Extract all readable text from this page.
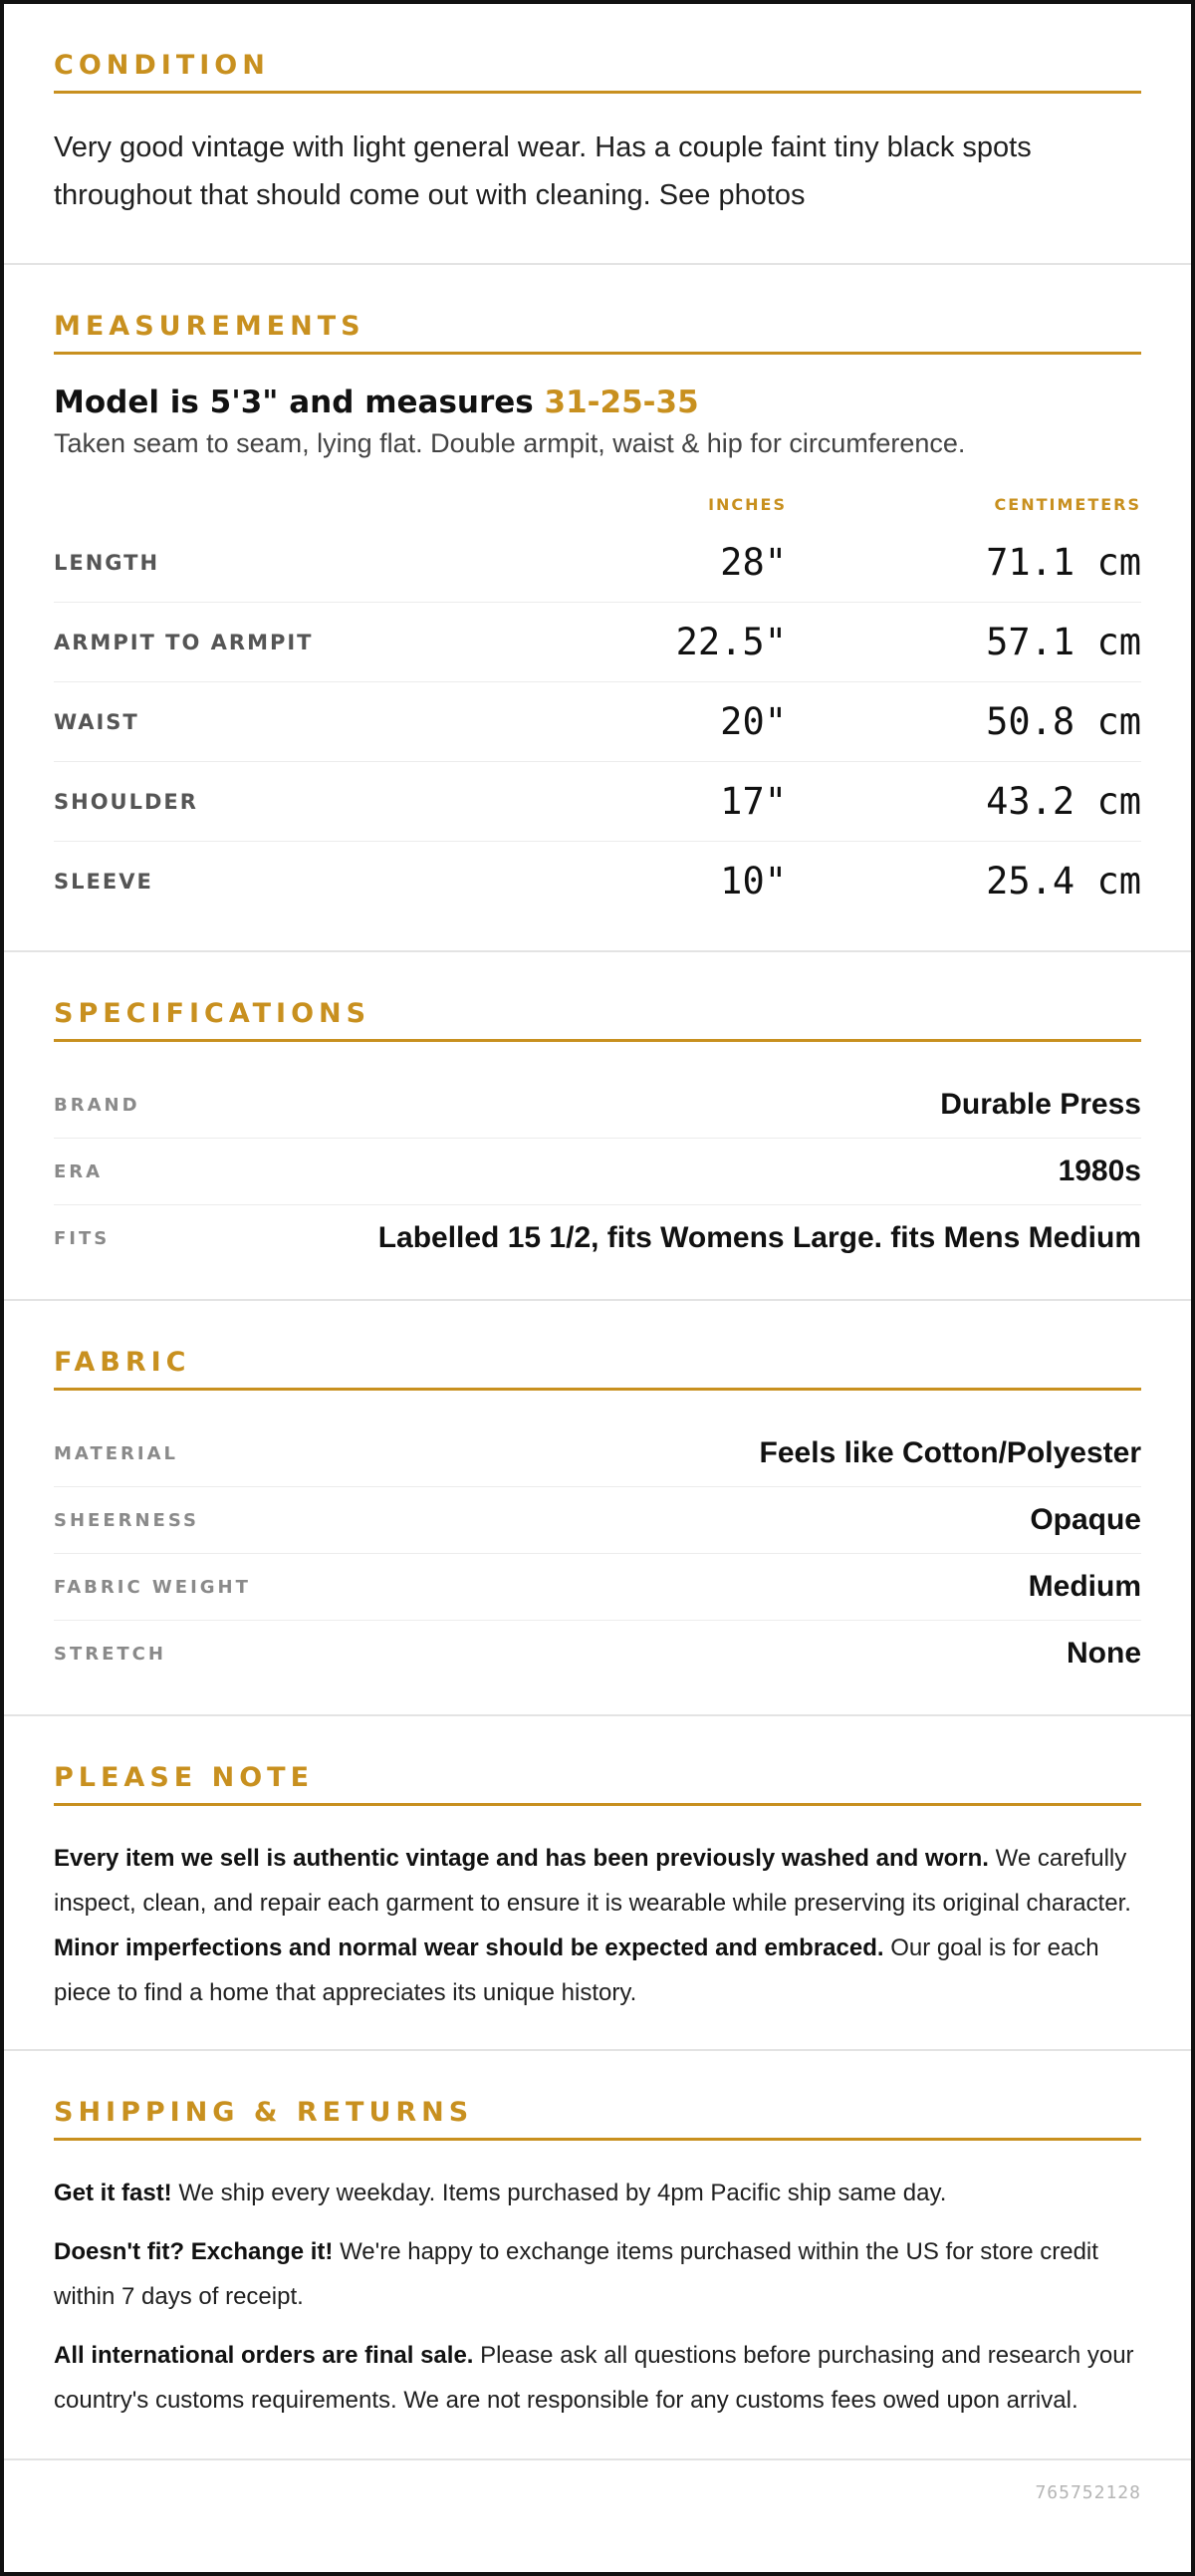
CONDITION

Very good vintage with light general wear. Has a couple faint tiny black spots throughout that should come out with cleaning. See photos

MEASUREMENTS
Model is 5'3" and measures 31-25-35
Taken seam to seam, lying flat. Double armpit, waist & hip for circumference.
INCHES	CENTIMETERS
LENGTH	28"	71.1 cm
ARMPIT TO ARMPIT	22.5"	57.1 cm
WAIST	20"	50.8 cm
SHOULDER	17"	43.2 cm
SLEEVE	10"	25.4 cm
SPECIFICATIONS
BRAND	Durable Press
ERA	1980s
FITS	Labelled 15 1/2, fits Womens Large. fits Mens Medium
FABRIC
MATERIAL	Feels like Cotton/Polyester
SHEERNESS	Opaque
FABRIC WEIGHT	Medium
STRETCH	None
PLEASE NOTE

Every item we sell is authentic vintage and has been previously washed and worn. We carefully inspect, clean, and repair each garment to ensure it is wearable while preserving its original character. Minor imperfections and normal wear should be expected and embraced. Our goal is for each piece to find a home that appreciates its unique history.

SHIPPING & RETURNS

Get it fast! We ship every weekday. Items purchased by 4pm Pacific ship same day.

Doesn't fit? Exchange it! We're happy to exchange items purchased within the US for store credit within 7 days of receipt.

All international orders are final sale. Please ask all questions before purchasing and research your country's customs requirements. We are not responsible for any customs fees owed upon arrival.

765752128
